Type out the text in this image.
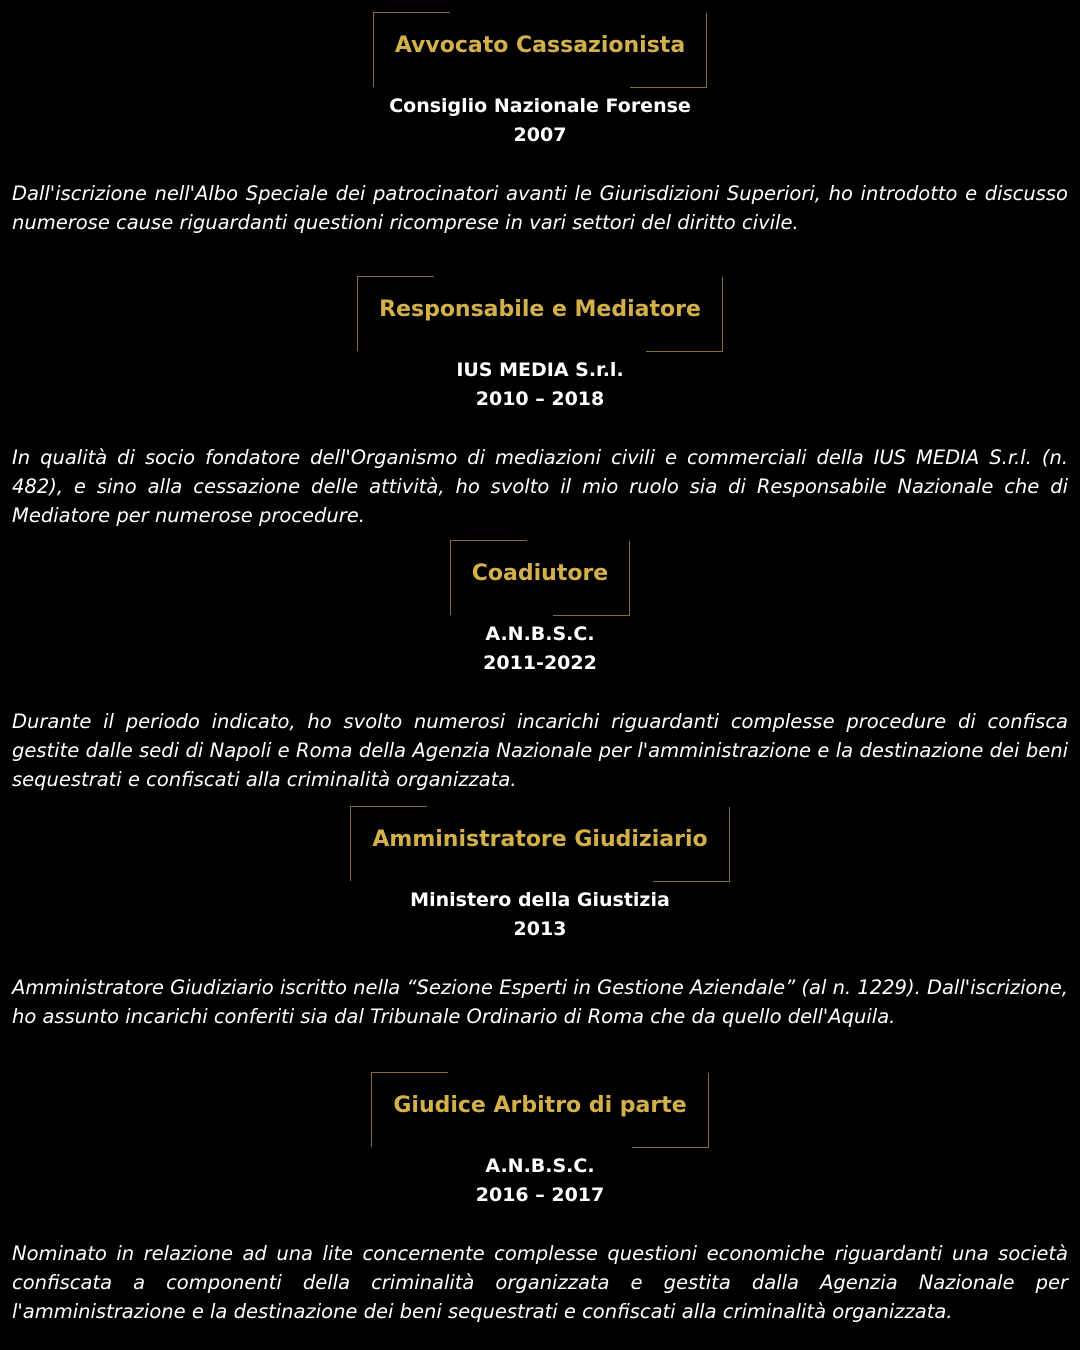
Avvocato Cassazionista
Consiglio Nazionale Forense
2007
Dall'iscrizione nell'Albo Speciale dei patrocinatori avanti le Giurisdizioni Superiori, ho introdotto e discusso numerose cause riguardanti questioni ricomprese in vari settori del diritto civile.
Responsabile e Mediatore
IUS MEDIA S.r.l.
2010 – 2018
In qualità di socio fondatore dell'Organismo di mediazioni civili e commerciali della IUS MEDIA S.r.l. (n. 482), e sino alla cessazione delle attività, ho svolto il mio ruolo sia di Responsabile Nazionale che di Mediatore per numerose procedure.
Coadiutore
A.N.B.S.C.
2011-2022
Durante il periodo indicato, ho svolto numerosi incarichi riguardanti complesse procedure di confisca gestite dalle sedi di Napoli e Roma della Agenzia Nazionale per l'amministrazione e la destinazione dei beni sequestrati e confiscati alla criminalità organizzata.
Amministratore Giudiziario
Ministero della Giustizia
2013
Amministratore Giudiziario iscritto nella “Sezione Esperti in Gestione Aziendale” (al n. 1229). Dall'iscrizione, ho assunto incarichi conferiti sia dal Tribunale Ordinario di Roma che da quello dell'Aquila.
Giudice Arbitro di parte
A.N.B.S.C.
2016 – 2017
Nominato in relazione ad una lite concernente complesse questioni economiche riguardanti una società confiscata a componenti della criminalità organizzata e gestita dalla Agenzia Nazionale per l'amministrazione e la destinazione dei beni sequestrati e confiscati alla criminalità organizzata.
